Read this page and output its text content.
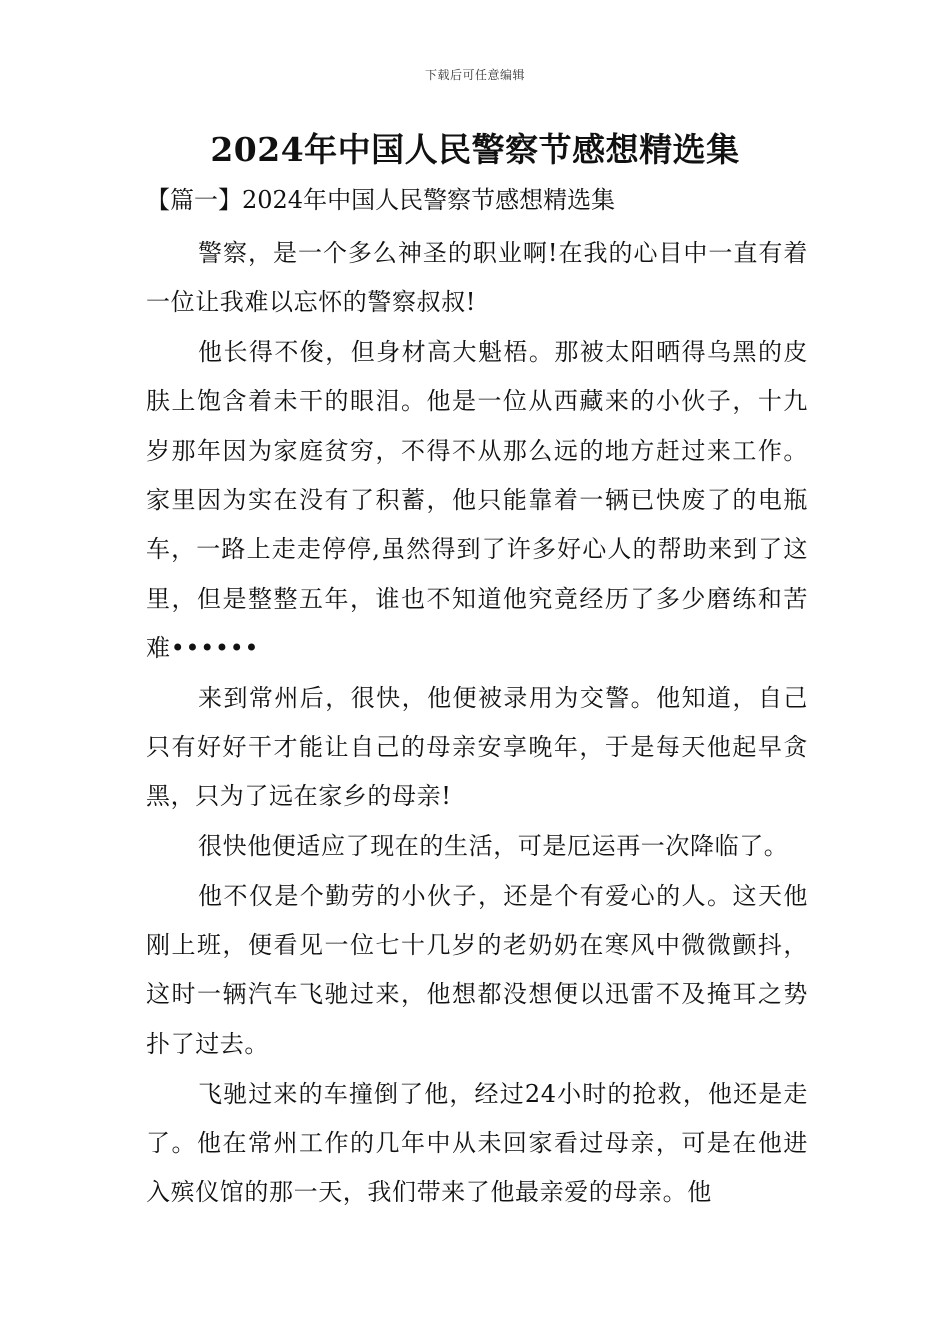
下载后可任意编辑
2024年中国人民警察节感想精选集

【篇一】2024年中国人民警察节感想精选集

警察，是一个多么神圣的职业啊!在我的心目中一直有着一位让我难以忘怀的警察叔叔!

他长得不俊，但身材高大魁梧。那被太阳晒得乌黑的皮肤上饱含着未干的眼泪。他是一位从西藏来的小伙子，十九岁那年因为家庭贫穷，不得不从那么远的地方赶过来工作。家里因为实在没有了积蓄，他只能靠着一辆已快废了的电瓶车，一路上走走停停,虽然得到了许多好心人的帮助来到了这里，但是整整五年，谁也不知道他究竟经历了多少磨练和苦难••••••

来到常州后，很快，他便被录用为交警。他知道，自己只有好好干才能让自己的母亲安享晚年，于是每天他起早贪黑，只为了远在家乡的母亲!

很快他便适应了现在的生活，可是厄运再一次降临了。

他不仅是个勤劳的小伙子，还是个有爱心的人。这天他刚上班，便看见一位七十几岁的老奶奶在寒风中微微颤抖，这时一辆汽车飞驰过来，他想都没想便以迅雷不及掩耳之势扑了过去。

飞驰过来的车撞倒了他，经过24小时的抢救，他还是走了。他在常州工作的几年中从未回家看过母亲，可是在他进入殡仪馆的那一天，我们带来了他最亲爱的母亲。他
